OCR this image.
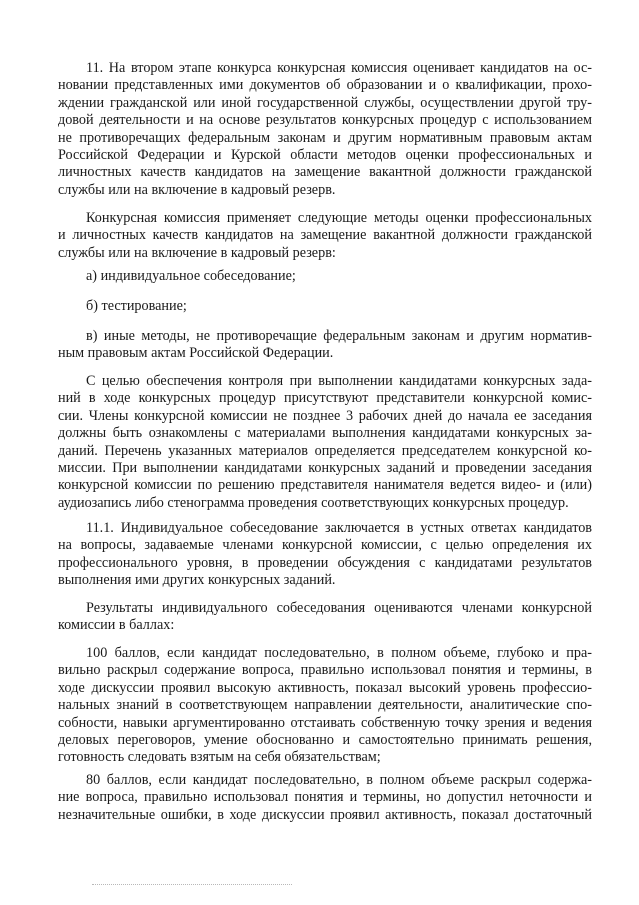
11. На втором этапе конкурса конкурсная комиссия оценивает кандидатов на ос-
новании представленных ими документов об образовании и о квалификации, прохо-
ждении гражданской или иной государственной службы, осуществлении другой тру-
довой деятельности и на основе результатов конкурсных процедур с использованием
не противоречащих федеральным законам и другим нормативным правовым актам
Российской Федерации и Курской области методов оценки профессиональных и
личностных качеств кандидатов на замещение вакантной должности гражданской
службы или на включение в кадровый резерв.
Конкурсная комиссия применяет следующие методы оценки профессиональных
и личностных качеств кандидатов на замещение вакантной должности гражданской
службы или на включение в кадровый резерв:
а) индивидуальное собеседование;
б) тестирование;
в) иные методы, не противоречащие федеральным законам и другим норматив-
ным правовым актам Российской Федерации.
С целью обеспечения контроля при выполнении кандидатами конкурсных зада-
ний в ходе конкурсных процедур присутствуют представители конкурсной комис-
сии. Члены конкурсной комиссии не позднее 3 рабочих дней до начала ее заседания
должны быть ознакомлены с материалами выполнения кандидатами конкурсных за-
даний. Перечень указанных материалов определяется председателем конкурсной ко-
миссии. При выполнении кандидатами конкурсных заданий и проведении заседания
конкурсной комиссии по решению представителя нанимателя ведется видео- и (или)
аудиозапись либо стенограмма проведения соответствующих конкурсных процедур.
11.1. Индивидуальное собеседование заключается в устных ответах кандидатов
на вопросы, задаваемые членами конкурсной комиссии, с целью определения их
профессионального уровня, в проведении обсуждения с кандидатами результатов
выполнения ими других конкурсных заданий.
Результаты индивидуального собеседования оцениваются членами конкурсной
комиссии в баллах:
100 баллов, если кандидат последовательно, в полном объеме, глубоко и пра-
вильно раскрыл содержание вопроса, правильно использовал понятия и термины, в
ходе дискуссии проявил высокую активность, показал высокий уровень профессио-
нальных знаний в соответствующем направлении деятельности, аналитические спо-
собности, навыки аргументированно отстаивать собственную точку зрения и ведения
деловых переговоров, умение обоснованно и самостоятельно принимать решения,
готовность следовать взятым на себя обязательствам;
80 баллов, если кандидат последовательно, в полном объеме раскрыл содержа-
ние вопроса, правильно использовал понятия и термины, но допустил неточности и
незначительные ошибки, в ходе дискуссии проявил активность, показал достаточный
